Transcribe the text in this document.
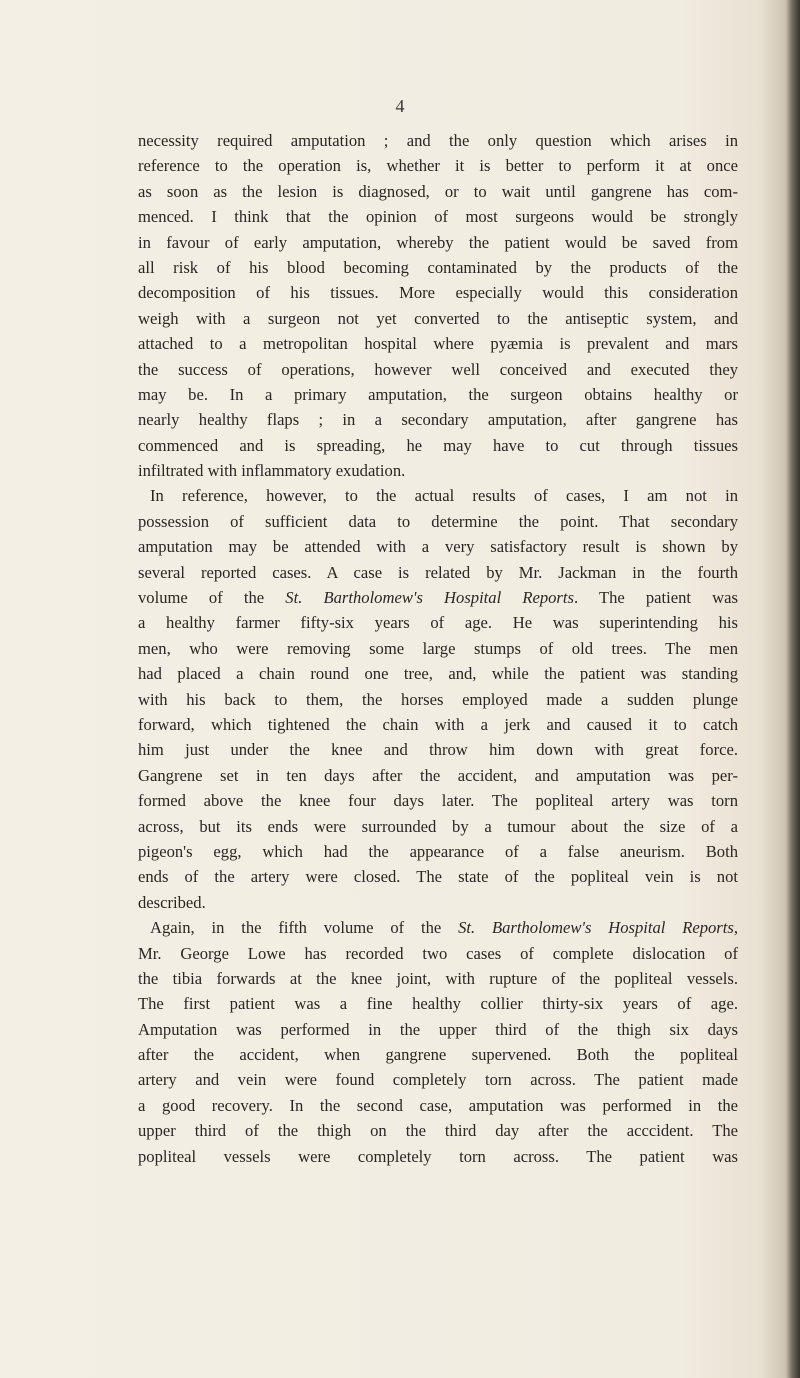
4
necessity required amputation ; and the only question which arises in
reference to the operation is, whether it is better to perform it at once
as soon as the lesion is diagnosed, or to wait until gangrene has com-
menced. I think that the opinion of most surgeons would be strongly
in favour of early amputation, whereby the patient would be saved from
all risk of his blood becoming contaminated by the products of the
decomposition of his tissues. More especially would this consideration
weigh with a surgeon not yet converted to the antiseptic system, and
attached to a metropolitan hospital where pyæmia is prevalent and mars
the success of operations, however well conceived and executed they
may be. In a primary amputation, the surgeon obtains healthy or
nearly healthy flaps ; in a secondary amputation, after gangrene has
commenced and is spreading, he may have to cut through tissues
infiltrated with inflammatory exudation.
In reference, however, to the actual results of cases, I am not in
possession of sufficient data to determine the point. That secondary
amputation may be attended with a very satisfactory result is shown by
several reported cases. A case is related by Mr. Jackman in the fourth
volume of the St. Bartholomew's Hospital Reports. The patient was
a healthy farmer fifty-six years of age. He was superintending his
men, who were removing some large stumps of old trees. The men
had placed a chain round one tree, and, while the patient was standing
with his back to them, the horses employed made a sudden plunge
forward, which tightened the chain with a jerk and caused it to catch
him just under the knee and throw him down with great force.
Gangrene set in ten days after the accident, and amputation was per-
formed above the knee four days later. The popliteal artery was torn
across, but its ends were surrounded by a tumour about the size of a
pigeon's egg, which had the appearance of a false aneurism. Both
ends of the artery were closed. The state of the popliteal vein is not
described.
Again, in the fifth volume of the St. Bartholomew's Hospital Reports,
Mr. George Lowe has recorded two cases of complete dislocation of
the tibia forwards at the knee joint, with rupture of the popliteal vessels.
The first patient was a fine healthy collier thirty-six years of age.
Amputation was performed in the upper third of the thigh six days
after the accident, when gangrene supervened. Both the popliteal
artery and vein were found completely torn across. The patient made
a good recovery. In the second case, amputation was performed in the
upper third of the thigh on the third day after the acccident. The
popliteal vessels were completely torn across. The patient was
